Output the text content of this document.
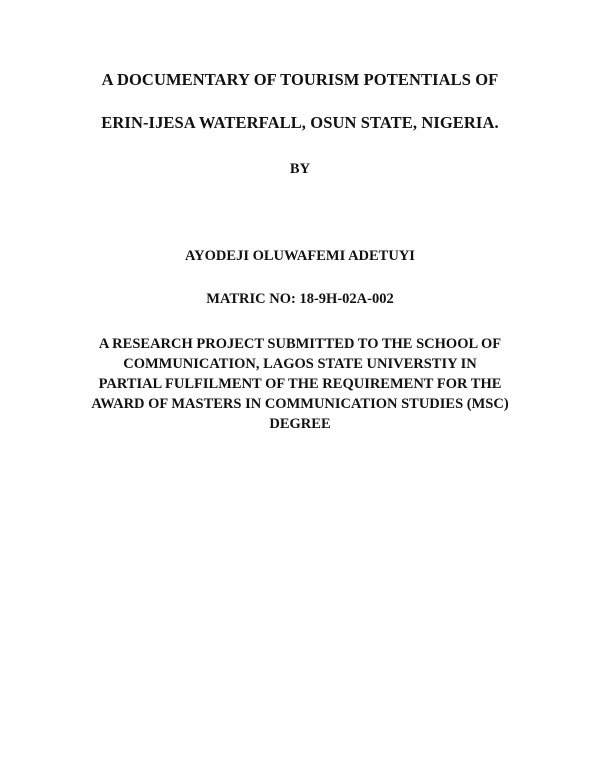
A DOCUMENTARY OF TOURISM POTENTIALS OF
ERIN-IJESA WATERFALL, OSUN STATE, NIGERIA.
BY
AYODEJI OLUWAFEMI ADETUYI
MATRIC NO: 18-9H-02A-002
A RESEARCH PROJECT SUBMITTED TO THE SCHOOL OF
COMMUNICATION, LAGOS STATE UNIVERSTIY IN
PARTIAL FULFILMENT OF THE REQUIREMENT FOR THE
AWARD OF MASTERS IN COMMUNICATION STUDIES (MSC)
DEGREE
